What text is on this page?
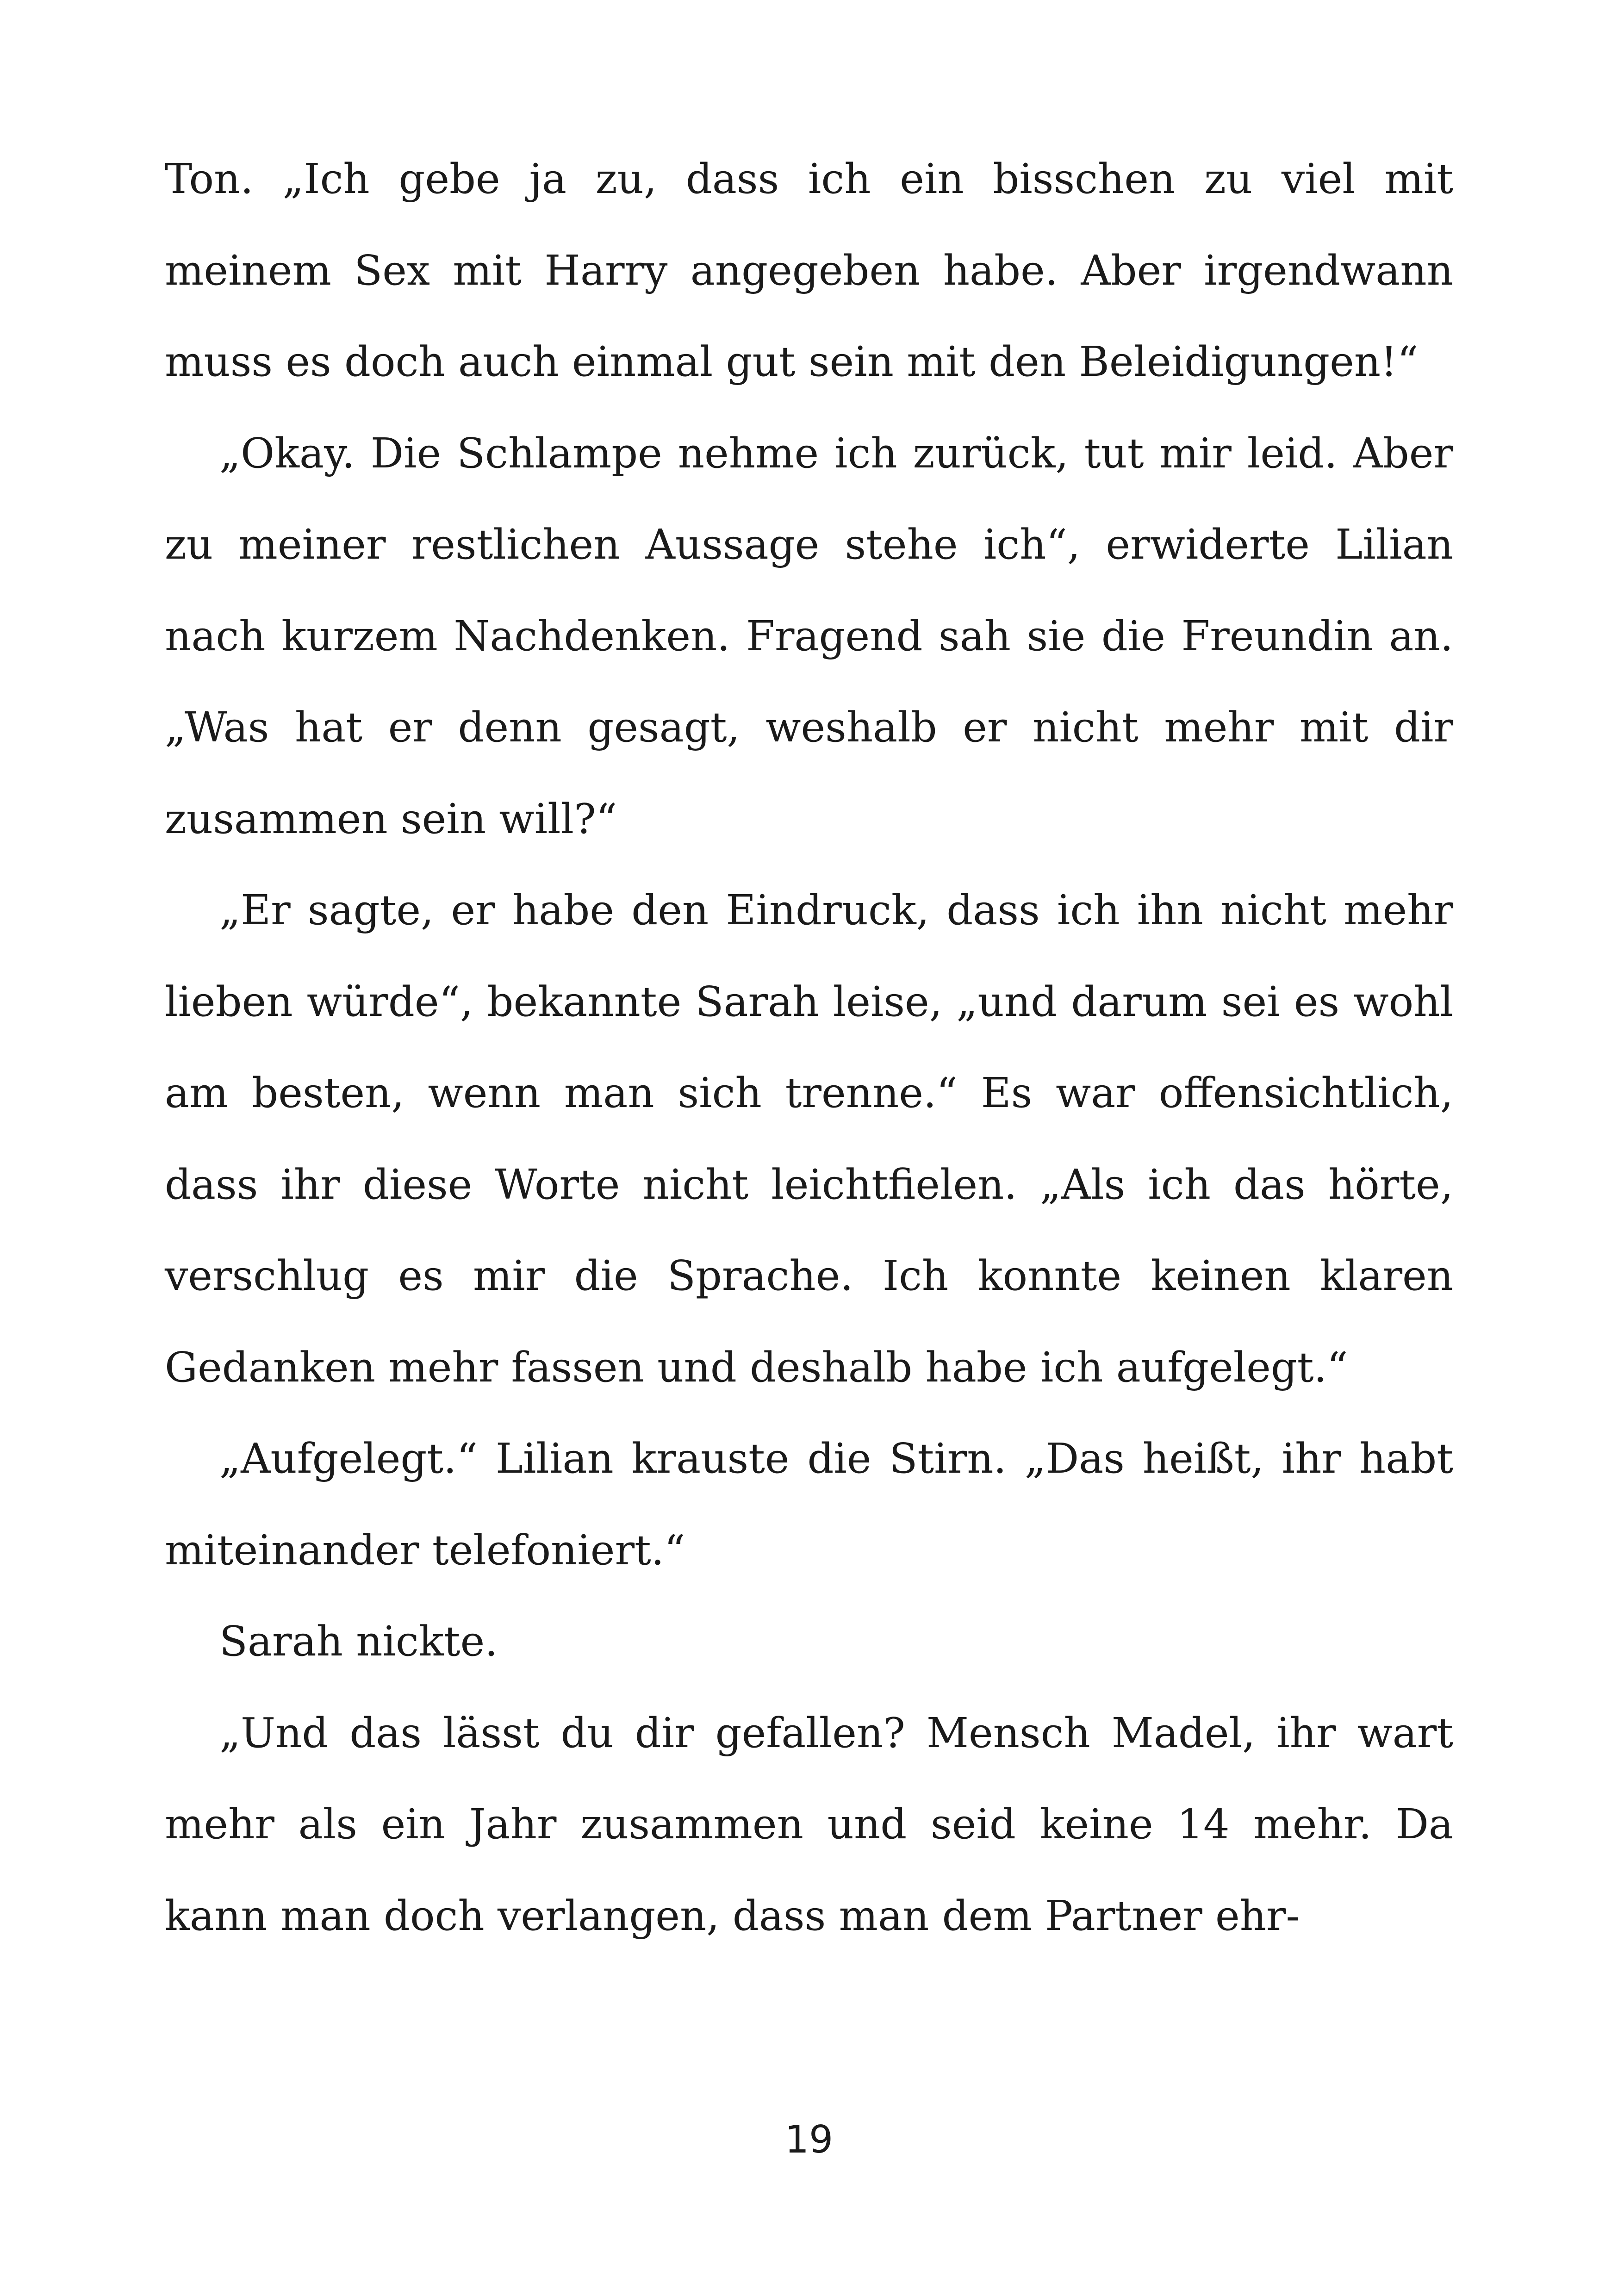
Ton. „Ich gebe ja zu, dass ich ein bisschen zu viel mit meinem Sex mit Harry angegeben habe. Aber irgendwann muss es doch auch einmal gut sein mit den Beleidigungen!“

„Okay. Die Schlampe nehme ich zurück, tut mir leid. Aber zu meiner restlichen Aussage stehe ich“, erwiderte Lilian nach kurzem Nachdenken. Fragend sah sie die Freundin an. „Was hat er denn gesagt, weshalb er nicht mehr mit dir zusammen sein will?“

„Er sagte, er habe den Eindruck, dass ich ihn nicht mehr lieben würde“, bekannte Sarah leise, „und darum sei es wohl am besten, wenn man sich trenne.“ Es war offensichtlich, dass ihr diese Worte nicht leichtfielen. „Als ich das hörte, verschlug es mir die Sprache. Ich konnte keinen klaren Gedanken mehr fassen und deshalb habe ich aufgelegt.“

„Aufgelegt.“ Lilian krauste die Stirn. „Das heißt, ihr habt miteinander telefoniert.“

Sarah nickte.

„Und das lässt du dir gefallen? Mensch Madel, ihr wart mehr als ein Jahr zusammen und seid keine 14 mehr. Da kann man doch verlangen, dass man dem Partner ehr-

19
